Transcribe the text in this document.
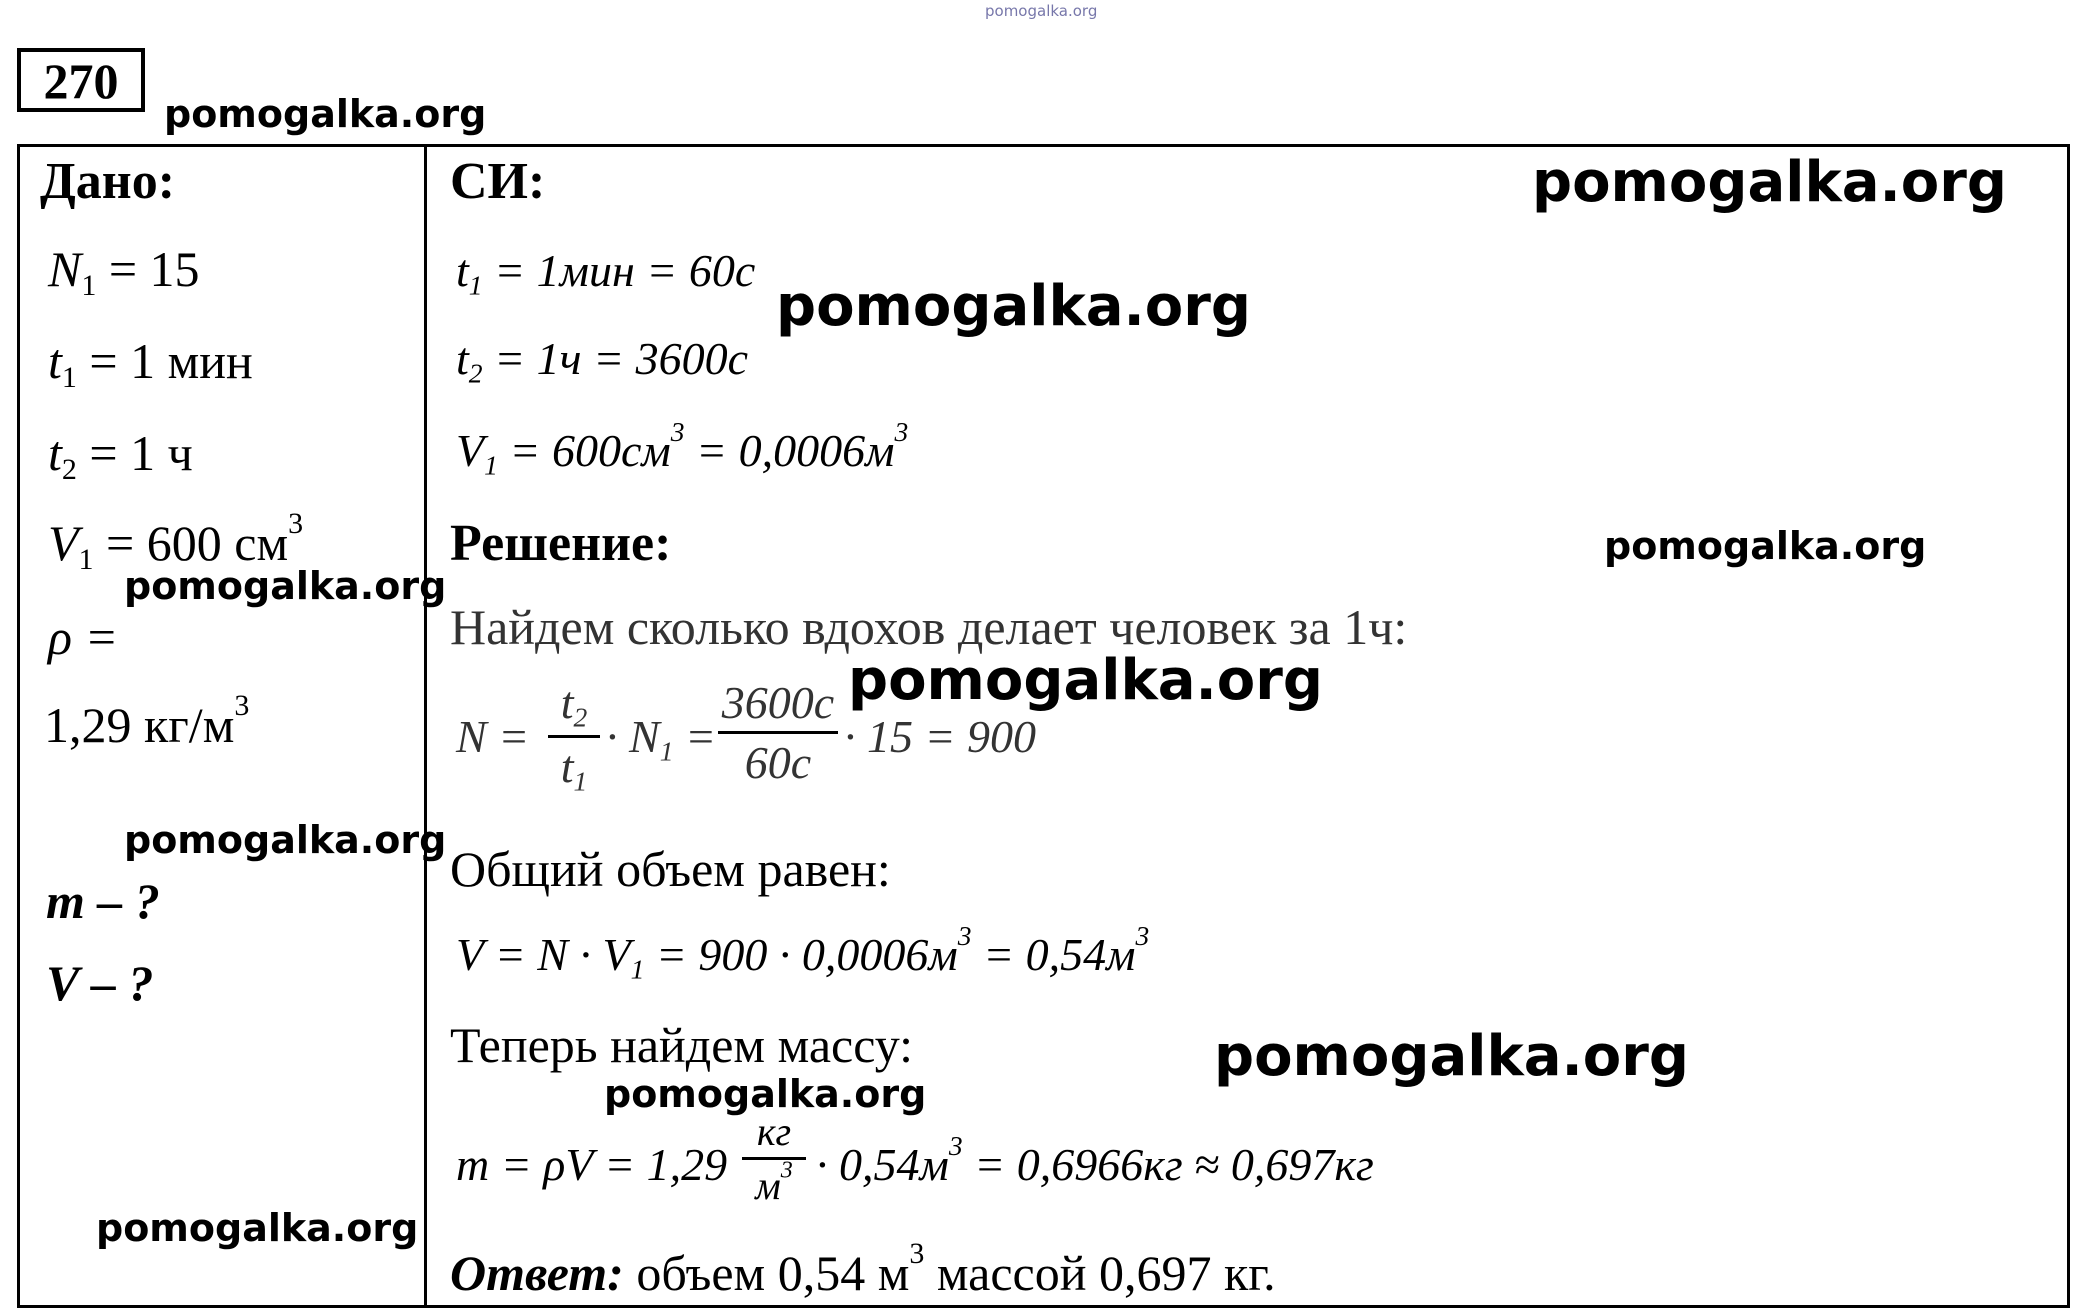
pomogalka.org
270
pomogalka.org
Дано:
$N_1 = 15$
$t_1 = 1$ мин
$t_2 = 1$ ч
$V_1 = 600$ $см^3$
pomogalka.org
ρ =
1,29 $кг/м^3$
pomogalka.org
m – ?
V – ?
pomogalka.org
СИ:	pomogalka.org
$t_1 = 1мин = 60с$
pomogalka.org
$t_2 = 1ч = 3600с$
$V_1 = 600см^3 = 0,0006м^3$
Решение:	pomogalka.org
Найдем сколько вдохов делает человек за 1ч:
pomogalka.org
N =
$t_2$
$t_1$
· $N_1$ =
3600с
60с
· 15 = 900
Общий объем равен:
$V = N \cdot V_1 = 900 \cdot 0,0006м^3 = 0,54м^3$
Теперь найдем массу:	pomogalka.org
pomogalka.org
m = ρV = 1,29
кг
$м^3 \cdot 0,54м^3 = 0,6966кг \approx 0,697кг$
Ответ: объем 0,54 $м^3$ массой 0,697 кг.
